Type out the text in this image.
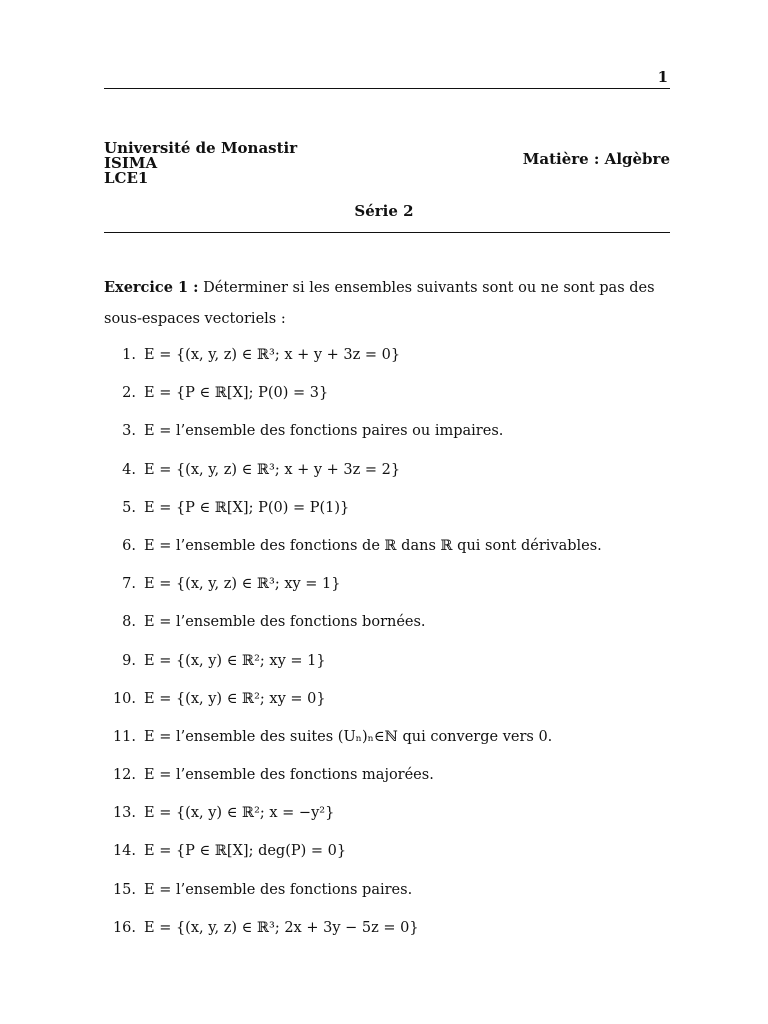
1
Université de Monastir
ISIMA
LCE1
Matière : Algèbre
Série 2
Exercice 1 : Déterminer si les ensembles suivants sont ou ne sont pas des sous-espaces vectoriels :
1. E = {(x, y, z) ∈ ℝ³; x + y + 3z = 0}
2. E = {P ∈ ℝ[X]; P(0) = 3}
3. E = l’ensemble des fonctions paires ou impaires.
4. E = {(x, y, z) ∈ ℝ³; x + y + 3z = 2}
5. E = {P ∈ ℝ[X]; P(0) = P(1)}
6. E = l’ensemble des fonctions de ℝ dans ℝ qui sont dérivables.
7. E = {(x, y, z) ∈ ℝ³; xy = 1}
8. E = l’ensemble des fonctions bornées.
9. E = {(x, y) ∈ ℝ²; xy = 1}
10. E = {(x, y) ∈ ℝ²; xy = 0}
11. E = l’ensemble des suites (Uₙ)ₙ∈ℕ qui converge vers 0.
12. E = l’ensemble des fonctions majorées.
13. E = {(x, y) ∈ ℝ²; x = −y²}
14. E = {P ∈ ℝ[X]; deg(P) = 0}
15. E = l’ensemble des fonctions paires.
16. E = {(x, y, z) ∈ ℝ³; 2x + 3y − 5z = 0}
